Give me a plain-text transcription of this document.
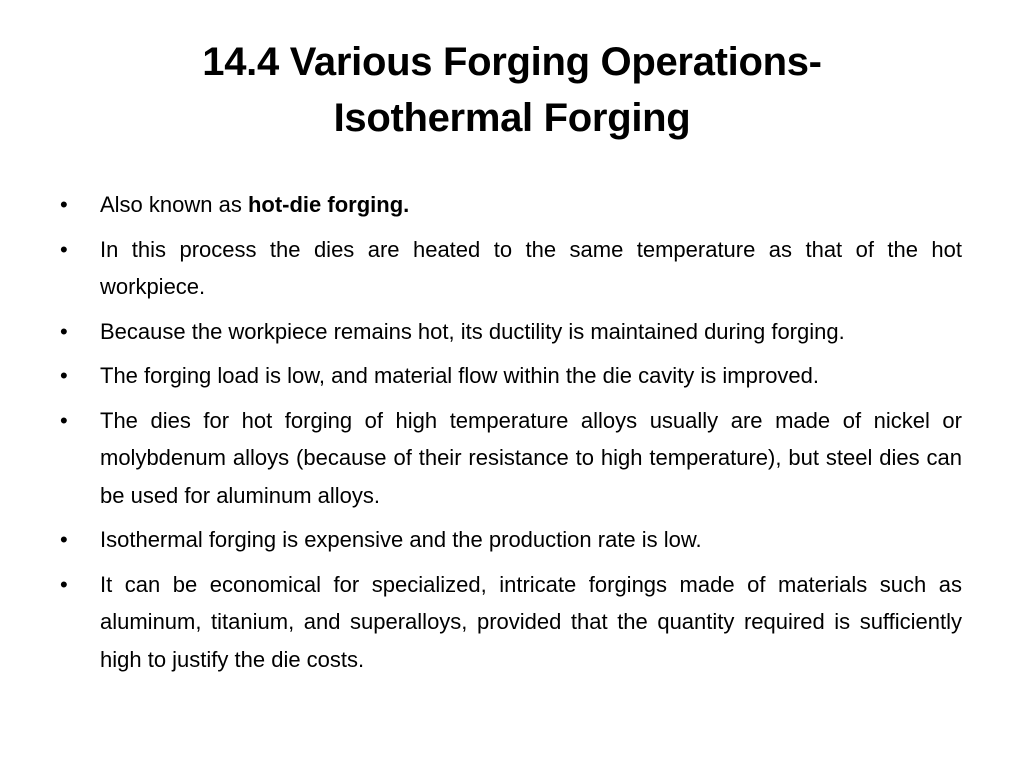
14.4 Various Forging Operations-
Isothermal Forging
• Also known as hot-die forging.
• In this process the dies are heated to the same temperature as that of the hot workpiece.
• Because the workpiece remains hot, its ductility is maintained during forging.
• The forging load is low, and material flow within the die cavity is improved.
• The dies for hot forging of high temperature alloys usually are made of nickel or molybdenum alloys (because of their resistance to high temperature), but steel dies can be used for aluminum alloys.
• Isothermal forging is expensive and the production rate is low.
• It can be economical for specialized, intricate forgings made of materials such as aluminum, titanium, and superalloys, provided that the quantity required is sufficiently high to justify the die costs.
